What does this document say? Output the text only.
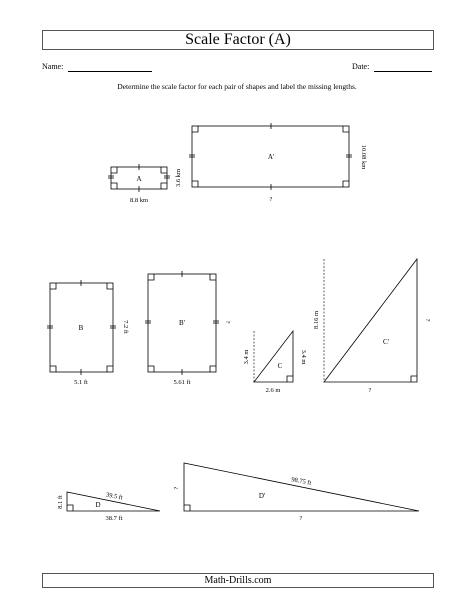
Scale Factor (A)
Name:	Date:
Determine the scale factor for each pair of shapes and label the missing lengths.
A
8.8 km
3.6 km
A'
?
10.08 km
B
5.1 ft
7.2 ft	B'
5.61 ft
?
C
2.6 m
3.4 m	3.4 m
C'
?
8.16 m	?
D
39.5 ft
38.7 ft
8.1 ft	D'
98.75 ft
?
?
Math-Drills.com
